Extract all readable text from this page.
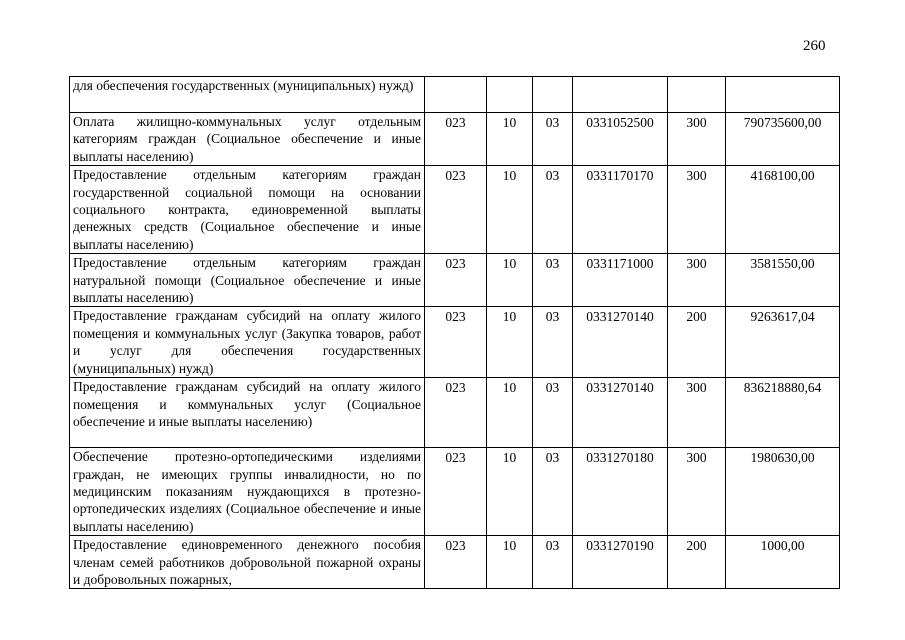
260
для обеспечения государственных (муниципальных) нужд)						
Оплата жилищно-коммунальных услуг отдельным категориям граждан (Социальное обеспечение и иные выплаты населению)	023	10	03	0331052500	300	790735600,00
Предоставление отдельным категориям граждан государственной социальной помощи на основании социального контракта, единовременной выплаты денежных средств (Социальное обеспечение и иные выплаты населению)	023	10	03	0331170170	300	4168100,00
Предоставление отдельным категориям граждан натуральной помощи (Социальное обеспечение и иные выплаты населению)	023	10	03	0331171000	300	3581550,00
Предоставление гражданам субсидий на оплату жилого помещения и коммунальных услуг (Закупка товаров, работ и услуг для обеспечения государственных (муниципальных) нужд)	023	10	03	0331270140	200	9263617,04
Предоставление гражданам субсидий на оплату жилого помещения и коммунальных услуг (Социальное обеспечение и иные выплаты населению)	023	10	03	0331270140	300	836218880,64
Обеспечение протезно-ортопедическими изделиями граждан, не имеющих группы инвалидности, но по медицинским показаниям нуждающихся в протезно-ортопедических изделиях (Социальное обеспечение и иные выплаты населению)	023	10	03	0331270180	300	1980630,00
Предоставление единовременного денежного пособия членам семей работников добровольной пожарной охраны и добровольных пожарных,	023	10	03	0331270190	200	1000,00
